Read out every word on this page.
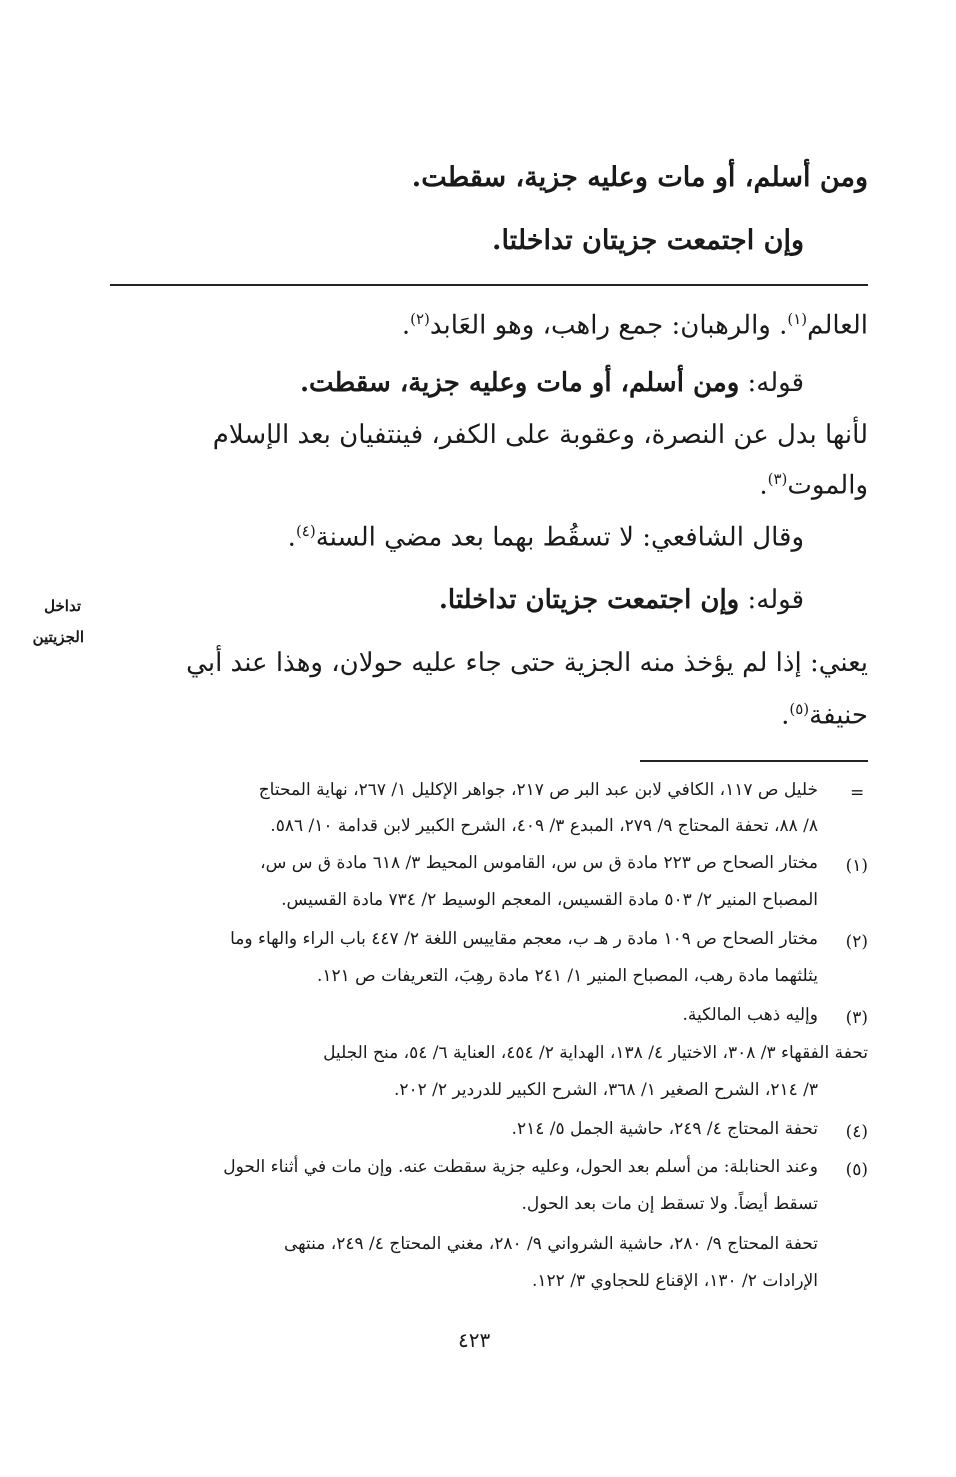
ومن أسلم، أو مات وعليه جزية، سقطت.
وإن اجتمعت جزيتان تداخلتا.
العالم$^{(١)}$. والرهبان: جمع راهب، وهو العَابد$^{(٢)}$.
قوله: ومن أسلم، أو مات وعليه جزية، سقطت.
لأنها بدل عن النصرة، وعقوبة على الكفر، فينتفيان بعد الإسلام
والموت$^{(٣)}$.
وقال الشافعي: لا تسقُط بهما بعد مضي السنة$^{(٤)}$.
قوله: وإن اجتمعت جزيتان تداخلتا.
تداخل
الجزيتين
يعني: إذا لم يؤخذ منه الجزية حتى جاء عليه حولان، وهذا عند أبي
حنيفة$^{(٥)}$.
=
خليل ص ١١٧، الكافي لابن عبد البر ص ٢١٧، جواهر الإكليل ١/ ٢٦٧، نهاية المحتاج
٨/ ٨٨، تحفة المحتاج ٩/ ٢٧٩، المبدع ٣/ ٤٠٩، الشرح الكبير لابن قدامة ١٠/ ٥٨٦.
(١)
مختار الصحاح ص ٢٢٣ مادة ق س س، القاموس المحيط ٣/ ٦١٨ مادة ق س س،
المصباح المنير ٢/ ٥٠٣ مادة القسيس، المعجم الوسيط ٢/ ٧٣٤ مادة القسيس.
(٢)
مختار الصحاح ص ١٠٩ مادة ر هـ ب، معجم مقاييس اللغة ٢/ ٤٤٧ باب الراء والهاء وما
يثلثهما مادة رهب، المصباح المنير ١/ ٢٤١ مادة رهِبَ، التعريفات ص ١٢١.
(٣)
وإليه ذهب المالكية.
تحفة الفقهاء ٣/ ٣٠٨، الاختيار ٤/ ١٣٨، الهداية ٢/ ٤٥٤، العناية ٦/ ٥٤، منح الجليل
٣/ ٢١٤، الشرح الصغير ١/ ٣٦٨، الشرح الكبير للدردير ٢/ ٢٠٢.
(٤)
تحفة المحتاج ٤/ ٢٤٩، حاشية الجمل ٥/ ٢١٤.
(٥)
وعند الحنابلة: من أسلم بعد الحول، وعليه جزية سقطت عنه. وإن مات في أثناء الحول
تسقط أيضاً. ولا تسقط إن مات بعد الحول.
تحفة المحتاج ٩/ ٢٨٠، حاشية الشرواني ٩/ ٢٨٠، مغني المحتاج ٤/ ٢٤٩، منتهى
الإرادات ٢/ ١٣٠، الإقناع للحجاوي ٣/ ١٢٢.
٤٢٣
